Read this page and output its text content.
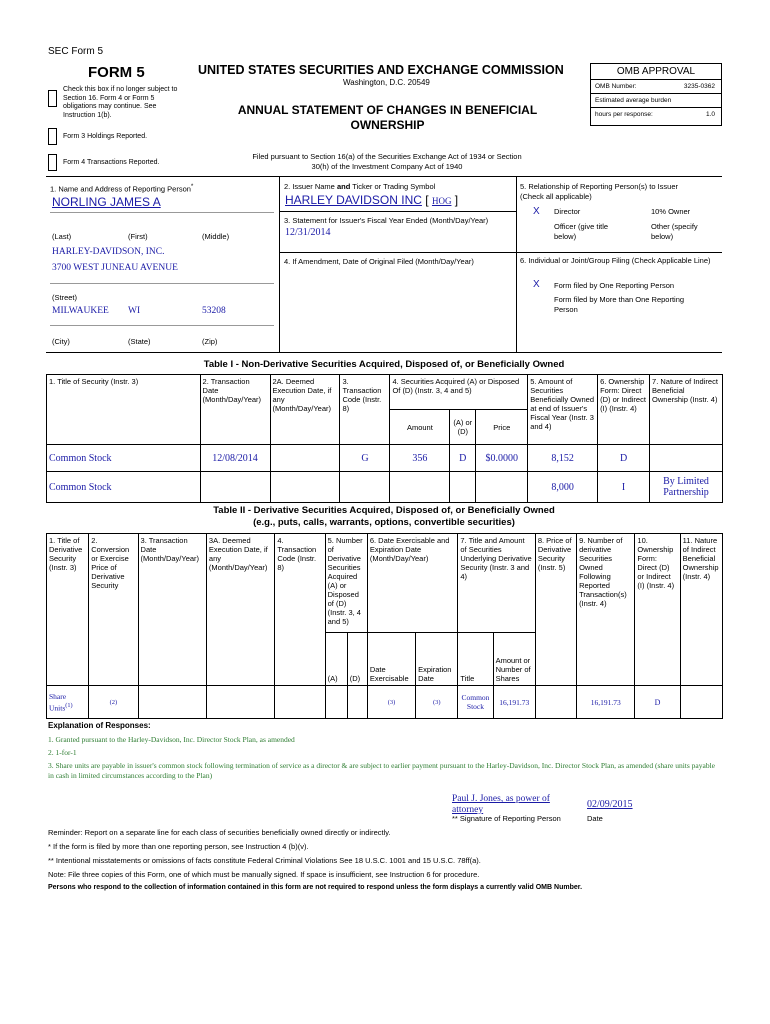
SEC Form 5
FORM 5	UNITED STATES SECURITIES AND EXCHANGE COMMISSION
Washington, D.C. 20549
Check this box if no longer subject to Section 16. Form 4 or Form 5 obligations may continue. See Instruction 1(b).
Form 3 Holdings Reported.
Form 4 Transactions Reported.
ANNUAL STATEMENT OF CHANGES IN BENEFICIAL OWNERSHIP
Filed pursuant to Section 16(a) of the Securities Exchange Act of 1934 or Section 30(h) of the Investment Company Act of 1940
OMB APPROVAL
OMB Number:	3235-0362
Estimated average burden
hours per response:	1.0
1. Name and Address of Reporting Person*
NORLING JAMES A
(Last)	(First)	(Middle)
HARLEY-DAVIDSON, INC.
3700 WEST JUNEAU AVENUE
(Street)
MILWAUKEE WI	53208
(City)	(State)	(Zip)
2. Issuer Name and Ticker or Trading Symbol
HARLEY DAVIDSON INC [ HOG ]
3. Statement for Issuer's Fiscal Year Ended (Month/Day/Year)
12/31/2014
4. If Amendment, Date of Original Filed (Month/Day/Year)
5. Relationship of Reporting Person(s) to Issuer
(Check all applicable)
X Director	10% Owner
Officer (give title below)
Other (specify below)
6. Individual or Joint/Group Filing (Check Applicable Line)
X Form filed by One Reporting Person
Form filed by More than One Reporting Person
Table I - Non-Derivative Securities Acquired, Disposed of, or Beneficially Owned
1. Title of Security (Instr. 3)	2. Transaction Date (Month/Day/Year)	2A. Deemed Execution Date, if any (Month/Day/Year)	3. Transaction Code (Instr. 8)	4. Securities Acquired (A) or Disposed Of (D) (Instr. 3, 4 and 5)			5. Amount of Securities Beneficially Owned at end of Issuer's Fiscal Year (Instr. 3 and 4)	6. Ownership Form: Direct (D) or Indirect (I) (Instr. 4)	7. Nature of Indirect Beneficial Ownership (Instr. 4)
				Amount	(A) or (D)	Price			
Common Stock	12/08/2014		G	356	D	$0.0000	8,152	D	
Common Stock							8,000	I	By Limited Partnership
Table II - Derivative Securities Acquired, Disposed of, or Beneficially Owned
(e.g., puts, calls, warrants, options, convertible securities)
1. Title of Derivative Security (Instr. 3)	2. Conversion or Exercise Price of Derivative Security	3. Transaction Date (Month/Day/Year)	3A. Deemed Execution Date, if any (Month/Day/Year)	4. Transaction Code (Instr. 8)	5. Number of Derivative Securities Acquired (A) or Disposed of (D) (Instr. 3, 4 and 5)		6. Date Exercisable and Expiration Date (Month/Day/Year)		7. Title and Amount of Securities Underlying Derivative Security (Instr. 3 and 4)		8. Price of Derivative Security (Instr. 5)	9. Number of derivative Securities Owned Following Reported Transaction(s) (Instr. 4)	10. Ownership Form: Direct (D) or Indirect (I) (Instr. 4)	11. Nature of Indirect Beneficial Ownership (Instr. 4)
					(A)	(D)	Date Exercisable	Expiration Date	Title	Amount or Number of Shares				
Share Units$^{(1)}$	(2)						(3)	(3)	Common Stock	16,191.73		16,191.73	D	
Explanation of Responses:
1. Granted pursuant to the Harley-Davidson, Inc. Director Stock Plan, as amended
2. 1-for-1
3. Share units are payable in issuer's common stock following termination of service as a director & are subject to earlier payment pursuant to the Harley-Davidson, Inc. Director Stock Plan, as amended (share units payable in cash in limited circumstances according to the Plan)
Paul J. Jones, as power of attorney	02/09/2015
** Signature of Reporting Person	Date
Reminder: Report on a separate line for each class of securities beneficially owned directly or indirectly.
* If the form is filed by more than one reporting person, see Instruction 4 (b)(v).
** Intentional misstatements or omissions of facts constitute Federal Criminal Violations See 18 U.S.C. 1001 and 15 U.S.C. 78ff(a).
Note: File three copies of this Form, one of which must be manually signed. If space is insufficient, see Instruction 6 for procedure.
Persons who respond to the collection of information contained in this form are not required to respond unless the form displays a currently valid OMB Number.
